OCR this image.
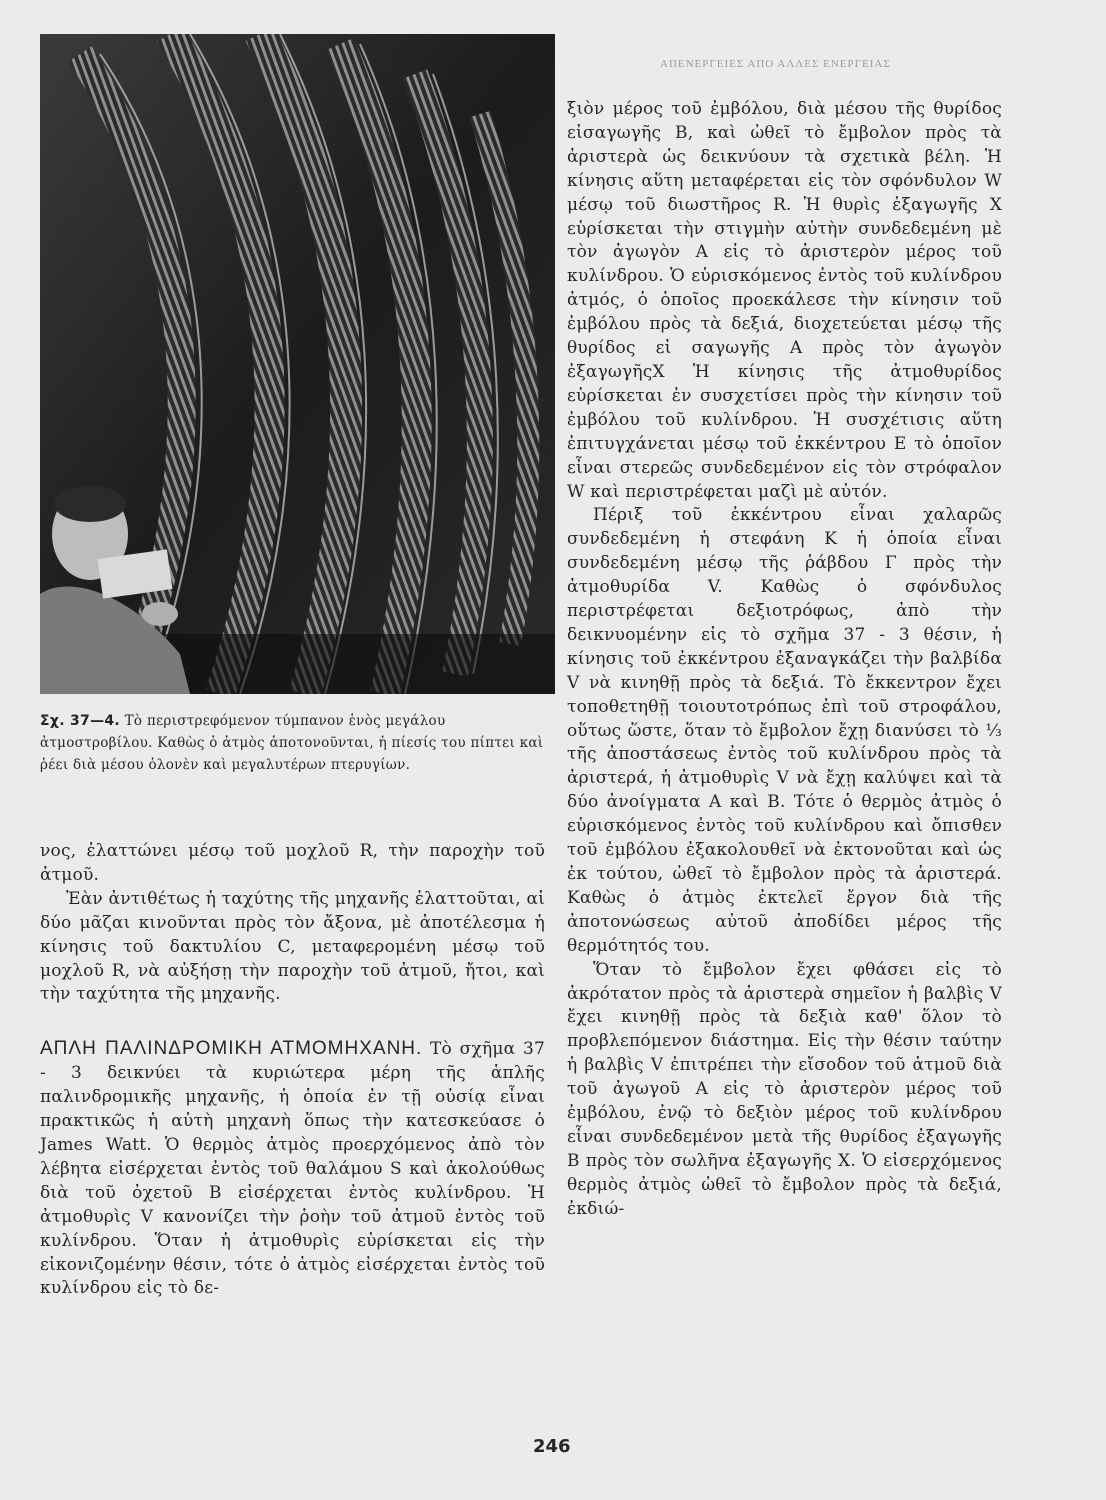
ΑΠΕΝΕΡΓΕΙΕΣ ΑΠΟ ΑΛΛΕΣ ΕΝΕΡΓΕΙΑΣ
Σχ. 37—4. Τὸ περιστρεφόμενον τύμπανον ἑνὸς μεγάλου ἀτμοστροβίλου. Καθὼς ὁ ἀτμὸς ἀποτονοῦνται, ἡ πίεσίς του πίπτει καὶ ῥέει διὰ μέσου ὁλονὲν καὶ μεγαλυτέρων πτερυγίων.

νος, ἐλαττώνει μέσῳ τοῦ μοχλοῦ R, τὴν παροχὴν τοῦ ἀτμοῦ.

Ἐὰν ἀντιθέτως ἡ ταχύτης τῆς μηχανῆς ἐλαττοῦται, αἱ δύο μᾶζαι κινοῦνται πρὸς τὸν ἄξονα, μὲ ἀποτέλεσμα ἡ κίνησις τοῦ δακτυλίου C, μεταφερομένη μέσῳ τοῦ μοχλοῦ R, νὰ αὐξήσῃ τὴν παροχὴν τοῦ ἀτμοῦ, ἤτοι, καὶ τὴν ταχύτητα τῆς μηχανῆς.

ΑΠΛΗ ΠΑΛΙΝΔΡΟΜΙΚΗ ΑΤΜΟΜΗΧΑΝΗ. Τὸ σχῆμα 37 - 3 δεικνύει τὰ κυριώτερα μέρη τῆς ἁπλῆς παλινδρομικῆς μηχανῆς, ἡ ὁποία ἐν τῇ οὐσίᾳ εἶναι πρακτικῶς ἡ αὐτὴ μηχανὴ ὅπως τὴν κατεσκεύασε ὁ James Watt. Ὁ θερμὸς ἀτμὸς προερχόμενος ἀπὸ τὸν λέβητα εἰσέρχεται ἐντὸς τοῦ θαλάμου S καὶ ἀκολούθως διὰ τοῦ ὀχετοῦ Β εἰσέρχεται ἐντὸς κυλίνδρου. Ἡ ἀτμοθυρὶς V κανονίζει τὴν ῥοὴν τοῦ ἀτμοῦ ἐντὸς τοῦ κυλίνδρου. Ὅταν ἡ ἀτμοθυρὶς εὑρίσκεται εἰς τὴν εἰκονιζομένην θέσιν, τότε ὁ ἀτμὸς εἰσέρχεται ἐντὸς τοῦ κυλίνδρου εἰς τὸ δε-

ξιὸν μέρος τοῦ ἐμβόλου, διὰ μέσου τῆς θυρίδος εἰσαγωγῆς Β, καὶ ὠθεῖ τὸ ἔμβολον πρὸς τὰ ἀριστερὰ ὡς δεικνύουν τὰ σχετικὰ βέλη. Ἡ κίνησις αὕτη μεταφέρεται εἰς τὸν σφόνδυλον W μέσῳ τοῦ διωστῆρος R. Ἡ θυρὶς ἐξαγωγῆς Χ εὑρίσκεται τὴν στιγμὴν αὐτὴν συνδεδεμένη μὲ τὸν ἀγωγὸν Α εἰς τὸ ἀριστερὸν μέρος τοῦ κυλίνδρου. Ὁ εὑρισκόμενος ἐντὸς τοῦ κυλίνδρου ἀτμός, ὁ ὁποῖος προεκάλεσε τὴν κίνησιν τοῦ ἐμβόλου πρὸς τὰ δεξιά, διοχετεύεται μέσῳ τῆς θυρίδος εἰ σαγωγῆς Α πρὸς τὸν ἀγωγὸν ἐξαγωγῆςΧ Ἡ κίνησις τῆς ἀτμοθυρίδος εὑρίσκεται ἐν συσχετίσει πρὸς τὴν κίνησιν τοῦ ἐμβόλου τοῦ κυλίνδρου. Ἡ συσχέτισις αὕτη ἐπιτυγχάνεται μέσῳ τοῦ ἐκκέντρου Ε τὸ ὁποῖον εἶναι στερεῶς συνδεδεμένον εἰς τὸν στρόφαλον W καὶ περιστρέφεται μαζὶ μὲ αὐτόν.

Πέριξ τοῦ ἐκκέντρου εἶναι χαλαρῶς συνδεδεμένη ἡ στεφάνη Κ ἡ ὁποία εἶναι συνδεδεμένη μέσῳ τῆς ῥάβδου Γ πρὸς τὴν ἀτμοθυρίδα V. Καθὼς ὁ σφόνδυλος περιστρέφεται δεξιοτρόφως, ἀπὸ τὴν δεικνυομένην εἰς τὸ σχῆμα 37 - 3 θέσιν, ἡ κίνησις τοῦ ἐκκέντρου ἐξαναγκάζει τὴν βαλβίδα V νὰ κινηθῇ πρὸς τὰ δεξιά. Τὸ ἔκκεντρον ἔχει τοποθετηθῇ τοιουτοτρόπως ἐπὶ τοῦ στροφάλου, οὕτως ὥστε, ὅταν τὸ ἔμβολον ἔχῃ διανύσει τὸ ⅓ τῆς ἀποστάσεως ἐντὸς τοῦ κυλίνδρου πρὸς τὰ ἀριστερά, ἡ ἀτμοθυρὶς V νὰ ἔχῃ καλύψει καὶ τὰ δύο ἀνοίγματα Α καὶ Β. Τότε ὁ θερμὸς ἀτμὸς ὁ εὑρισκόμενος ἐντὸς τοῦ κυλίνδρου καὶ ὄπισθεν τοῦ ἐμβόλου ἐξακολουθεῖ νὰ ἐκτονοῦται καὶ ὡς ἐκ τούτου, ὠθεῖ τὸ ἔμβολον πρὸς τὰ ἀριστερά. Καθὼς ὁ ἀτμὸς ἐκτελεῖ ἔργον διὰ τῆς ἀποτονώσεως αὐτοῦ ἀποδίδει μέρος τῆς θερμότητός του.

Ὅταν τὸ ἔμβολον ἔχει φθάσει εἰς τὸ ἀκρότατον πρὸς τὰ ἀριστερὰ σημεῖον ἡ βαλβὶς V ἔχει κινηθῇ πρὸς τὰ δεξιὰ καθ' ὅλον τὸ προβλεπόμενον διάστημα. Εἰς τὴν θέσιν ταύτην ἡ βαλβὶς V ἐπιτρέπει τὴν εἴσοδον τοῦ ἀτμοῦ διὰ τοῦ ἀγωγοῦ Α εἰς τὸ ἀριστερὸν μέρος τοῦ ἐμβόλου, ἐνῷ τὸ δεξιὸν μέρος τοῦ κυλίνδρου εἶναι συνδεδεμένον μετὰ τῆς θυρίδος ἐξαγωγῆς Β πρὸς τὸν σωλῆνα ἐξαγωγῆς Χ. Ὁ εἰσερχόμενος θερμὸς ἀτμὸς ὠθεῖ τὸ ἔμβολον πρὸς τὰ δεξιά, ἐκδιώ-

246
